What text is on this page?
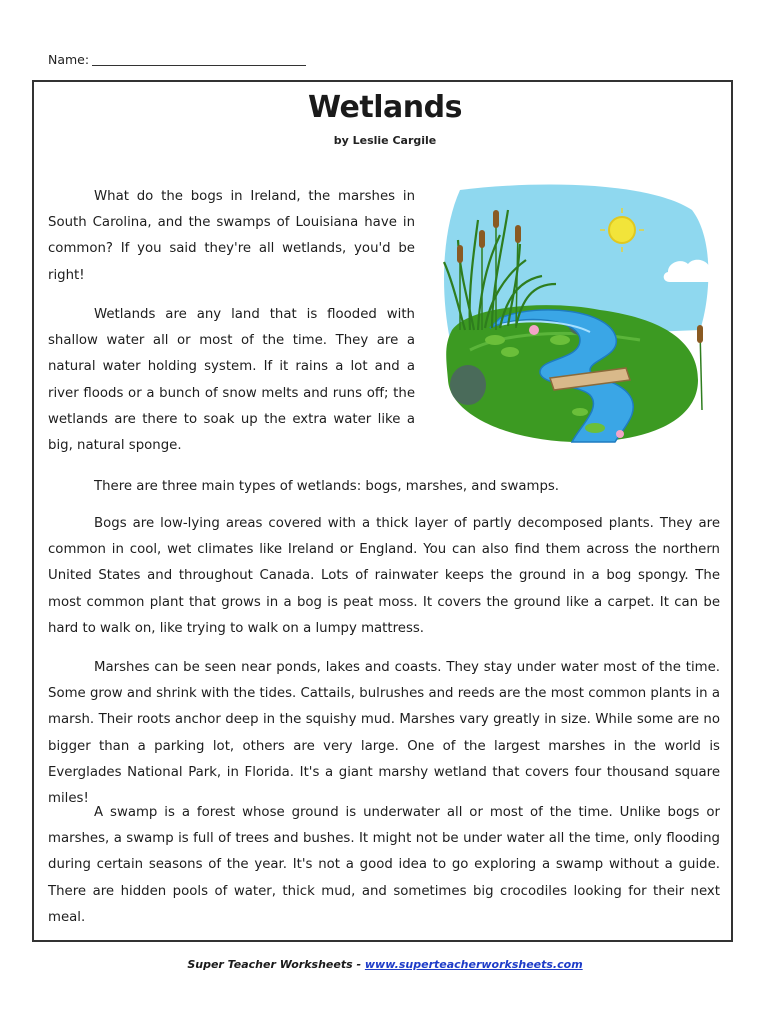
Name:
Wetlands
by Leslie Cargile

What do the bogs in Ireland, the marshes in South Carolina, and the swamps of Louisiana have in common? If you said they're all wetlands, you'd be right!

Wetlands are any land that is flooded with shallow water all or most of the time. They are a natural water holding system. If it rains a lot and a river floods or a bunch of snow melts and runs off; the wetlands are there to soak up the extra water like a big, natural sponge.

There are three main types of wetlands: bogs, marshes, and swamps.

Bogs are low-lying areas covered with a thick layer of partly decomposed plants. They are common in cool, wet climates like Ireland or England. You can also find them across the northern United States and throughout Canada. Lots of rainwater keeps the ground in a bog spongy. The most common plant that grows in a bog is peat moss. It covers the ground like a carpet. It can be hard to walk on, like trying to walk on a lumpy mattress.

Marshes can be seen near ponds, lakes and coasts. They stay under water most of the time. Some grow and shrink with the tides. Cattails, bulrushes and reeds are the most common plants in a marsh. Their roots anchor deep in the squishy mud. Marshes vary greatly in size. While some are no bigger than a parking lot, others are very large. One of the largest marshes in the world is Everglades National Park, in Florida. It's a giant marshy wetland that covers four thousand square miles!

A swamp is a forest whose ground is underwater all or most of the time. Unlike bogs or marshes, a swamp is full of trees and bushes. It might not be under water all the time, only flooding during certain seasons of the year. It's not a good idea to go exploring a swamp without a guide. There are hidden pools of water, thick mud, and sometimes big crocodiles looking for their next meal.

Super Teacher Worksheets - www.superteacherworksheets.com
